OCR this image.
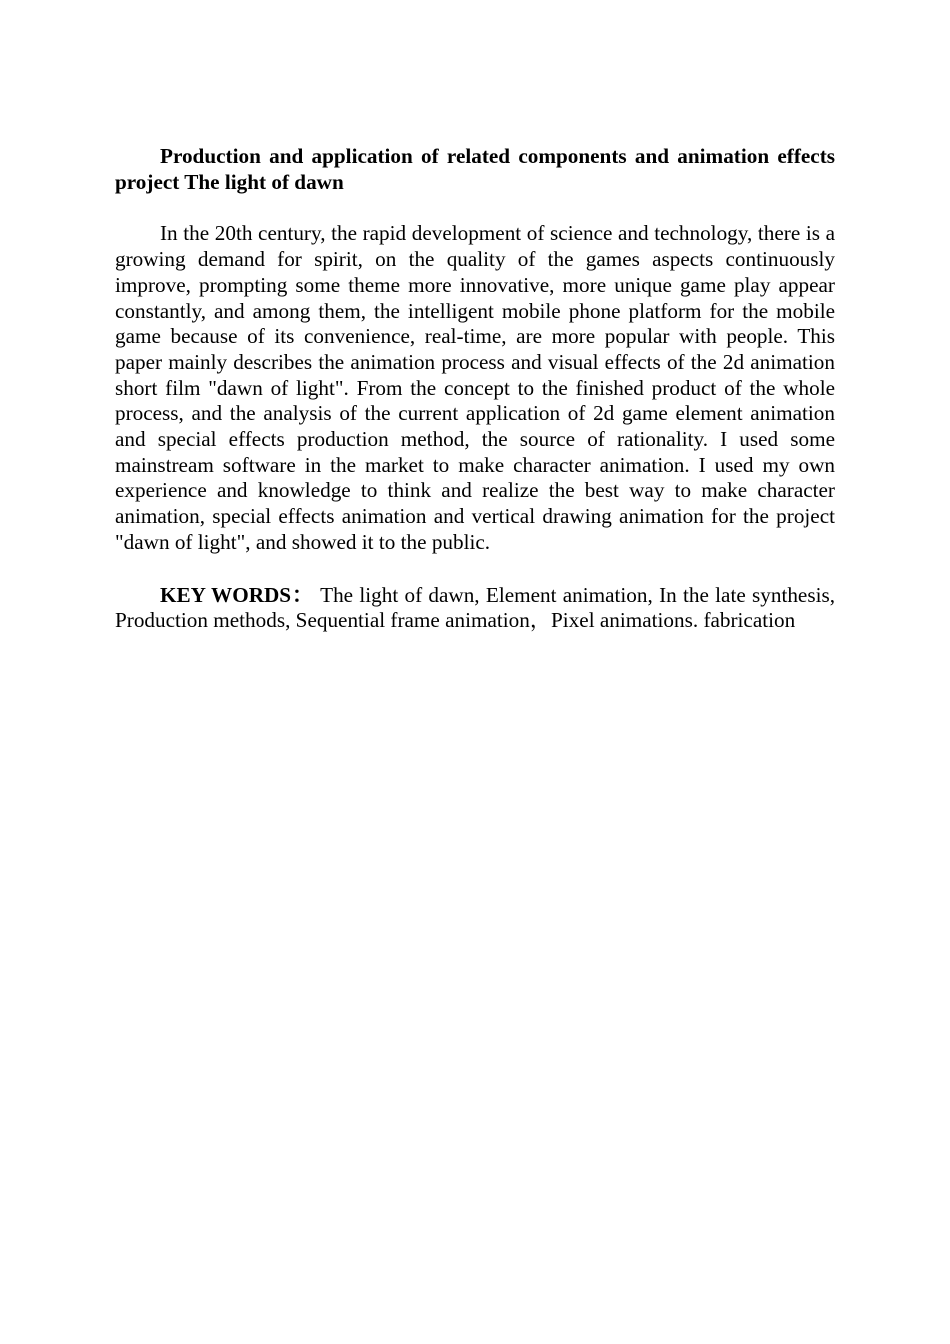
Production and application of related components and animation effects project The light of dawn

In the 20th century, the rapid development of science and technology, there is a growing demand for spirit, on the quality of the games aspects continuously improve, prompting some theme more innovative, more unique game play appear constantly, and among them, the intelligent mobile phone platform for the mobile game because of its convenience, real-time, are more popular with people. This paper mainly describes the animation process and visual effects of the 2d animation short film "dawn of light". From the concept to the finished product of the whole process, and the analysis of the current application of 2d game element animation and special effects production method, the source of rationality. I used some mainstream software in the market to make character animation. I used my own experience and knowledge to think and realize the best way to make character animation, special effects animation and vertical drawing animation for the project "dawn of light", and showed it to the public.

KEY WORDS： The light of dawn, Element animation, In the late synthesis, Production methods, Sequential frame animation，Pixel animations. fabrication
